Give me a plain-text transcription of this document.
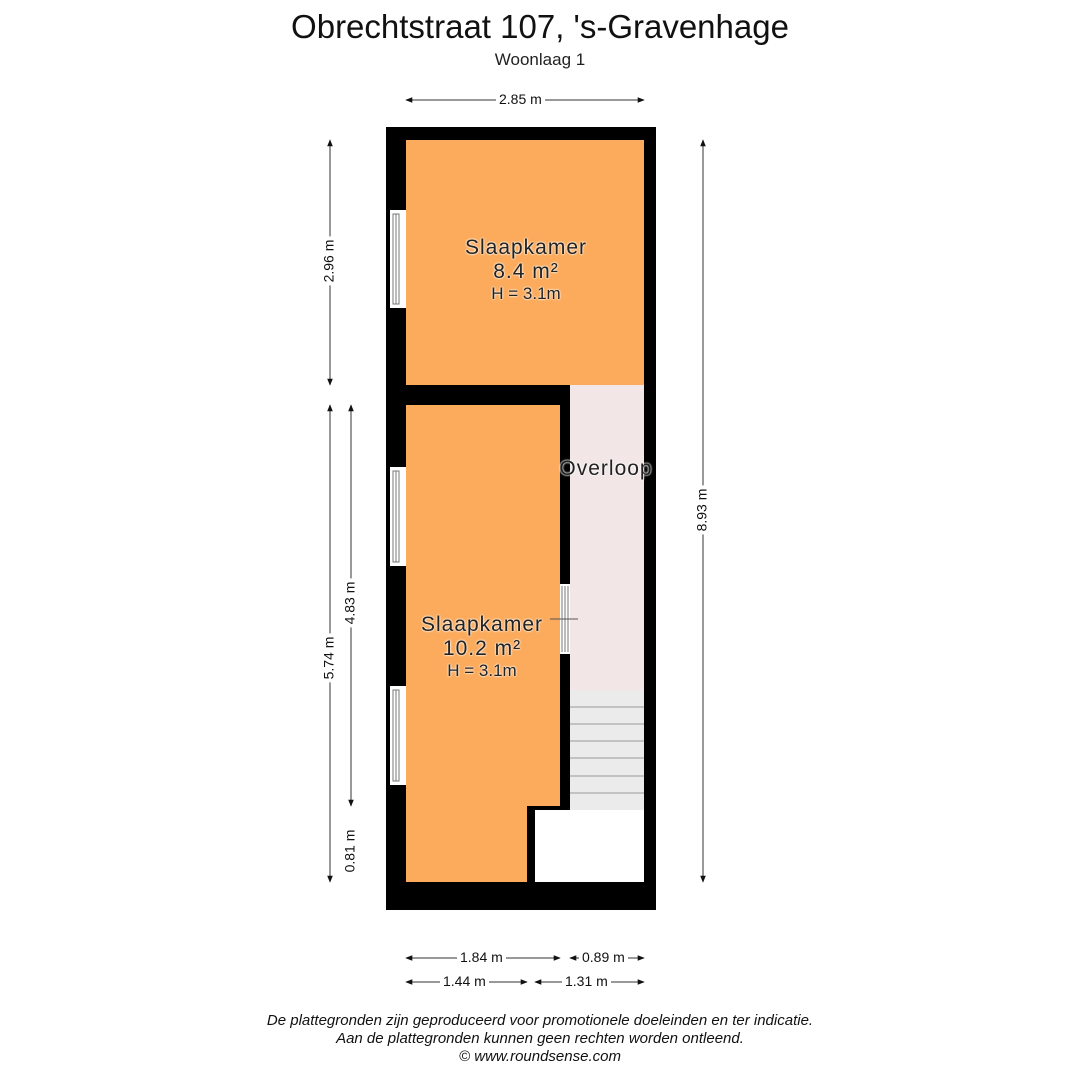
Obrechtstraat 107, 's-Gravenhage
Woonlaag 1
Slaapkamer
8.4 m²
H = 3.1m
Overloop
Slaapkamer
10.2 m²
H = 3.1m
2.85 m
2.96 m
5.74 m
4.83 m
0.81 m
8.93 m
1.84 m	0.89 m
1.44 m	1.31 m
De plattegronden zijn geproduceerd voor promotionele doeleinden en ter indicatie.
Aan de plattegronden kunnen geen rechten worden ontleend.
© www.roundsense.com
